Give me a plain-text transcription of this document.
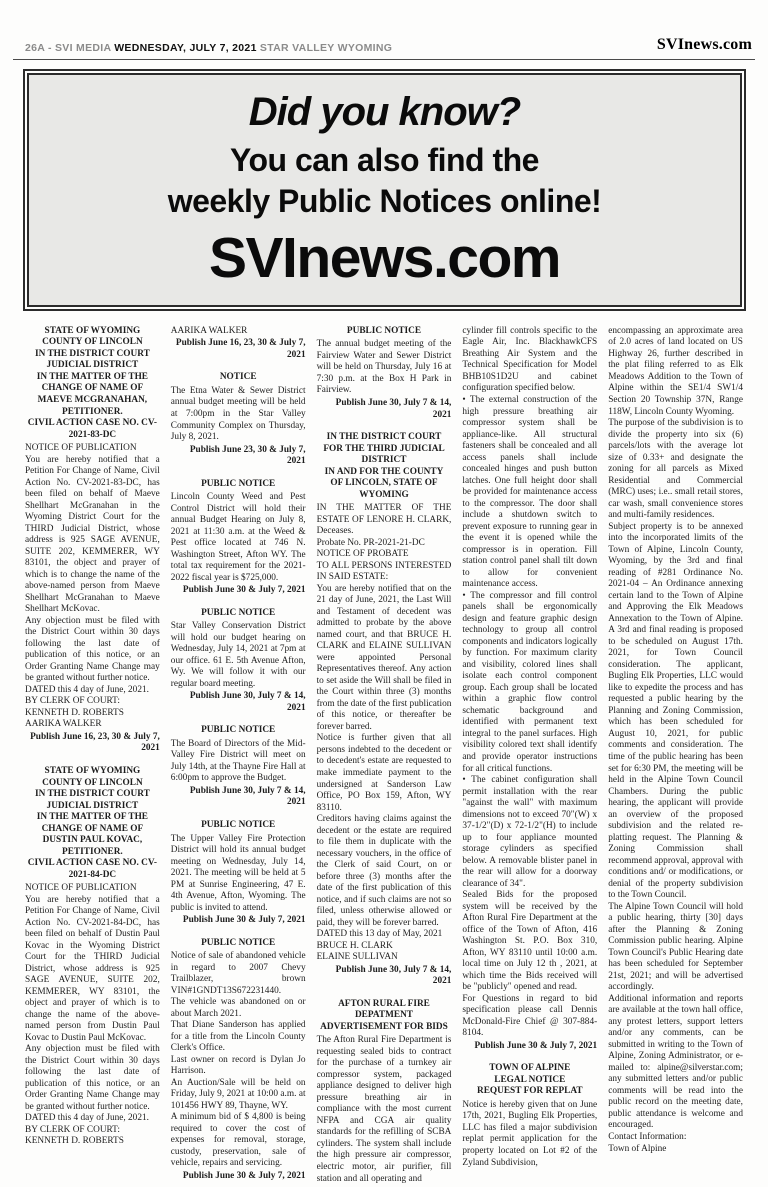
26A - SVI MEDIA WEDNESDAY, JULY 7, 2021 STAR VALLEY WYOMING	SVInews.com
Did you know?
You can also find the
weekly Public Notices online!
SVInews.com
STATE OF WYOMING
COUNTY OF LINCOLN
IN THE DISTRICT COURT
JUDICIAL DISTRICT
IN THE MATTER OF THE
CHANGE OF NAME OF
MAEVE MCGRANAHAN,
PETITIONER.
CIVIL ACTION CASE NO. CV-2021-83-DC

NOTICE OF PUBLICATION

You are hereby notified that a Petition For Change of Name, Civil Action No. CV-2021-83-DC, has been filed on behalf of Maeve Shellhart McGranahan in the Wyoming District Court for the THIRD Judicial District, whose address is 925 SAGE AVENUE, SUITE 202, KEMMERER, WY 83101, the object and prayer of which is to change the name of the above-named person from Maeve Shellhart McGranahan to Maeve Shellhart McKovac.

Any objection must be filed with the District Court within 30 days following the last date of publication of this notice, or an Order Granting Name Change may be granted without further notice.

DATED this 4 day of June, 2021.

BY CLERK OF COURT:

KENNETH D. ROBERTS

AARIKA WALKER

Publish June 16, 23, 30 & July 7, 2021

STATE OF WYOMING
COUNTY OF LINCOLN
IN THE DISTRICT COURT
JUDICIAL DISTRICT
IN THE MATTER OF THE
CHANGE OF NAME OF
DUSTIN PAUL KOVAC,
PETITIONER.
CIVIL ACTION CASE NO. CV-2021-84-DC

NOTICE OF PUBLICATION

You are hereby notified that a Petition For Change of Name, Civil Action No. CV-2021-84-DC, has been filed on behalf of Dustin Paul Kovac in the Wyoming District Court for the THIRD Judicial District, whose address is 925 SAGE AVENUE, SUITE 202, KEMMERER, WY 83101, the object and prayer of which is to change the name of the above-named person from Dustin Paul Kovac to Dustin Paul McKovac.

Any objection must be filed with the District Court within 30 days following the last date of publication of this notice, or an Order Granting Name Change may be granted without further notice.

DATED this 4 day of June, 2021.

BY CLERK OF COURT:

KENNETH D. ROBERTS

AARIKA WALKER

Publish June 16, 23, 30 & July 7, 2021

NOTICE

The Etna Water & Sewer District annual budget meeting will be held at 7:00pm in the Star Valley Community Complex on Thursday, July 8, 2021.

Publish June 23, 30 & July 7, 2021

PUBLIC NOTICE

Lincoln County Weed and Pest Control District will hold their annual Budget Hearing on July 8, 2021 at 11:30 a.m. at the Weed & Pest office located at 746 N. Washington Street, Afton WY. The total tax requirement for the 2021-2022 fiscal year is $725,000.

Publish June 30 & July 7, 2021

PUBLIC NOTICE

Star Valley Conservation District will hold our budget hearing on Wednesday, July 14, 2021 at 7pm at our office. 61 E. 5th Avenue Afton, Wy. We will follow it with our regular board meeting.

Publish June 30, July 7 & 14, 2021

PUBLIC NOTICE

The Board of Directors of the Mid-Valley Fire District will meet on July 14th, at the Thayne Fire Hall at 6:00pm to approve the Budget.

Publish June 30, July 7 & 14, 2021

PUBLIC NOTICE

The Upper Valley Fire Protection District will hold its annual budget meeting on Wednesday, July 14, 2021. The meeting will be held at 5 PM at Sunrise Engineering, 47 E. 4th Avenue, Afton, Wyoming. The public is invited to attend.

Publish June 30 & July 7, 2021

PUBLIC NOTICE

Notice of sale of abandoned vehicle in regard to 2007 Chevy Trailblazer, brown VIN#1GNDT13S672231440.

The vehicle was abandoned on or about March 2021.

That Diane Sanderson has applied for a title from the Lincoln County Clerk's Office.

Last owner on record is Dylan Jo Harrison.

An Auction/Sale will be held on Friday, July 9, 2021 at 10:00 a.m. at 101456 HWY 89, Thayne, WY.

A minimum bid of $ 4,800 is being required to cover the cost of expenses for removal, storage, custody, preservation, sale of vehicle, repairs and servicing.

Publish June 30 & July 7, 2021

PUBLIC NOTICE

The annual budget meeting of the Fairview Water and Sewer District will be held on Thursday, July 16 at 7:30 p.m. at the Box H Park in Fairview.

Publish June 30, July 7 & 14, 2021

IN THE DISTRICT COURT
FOR THE THIRD JUDICIAL
DISTRICT
IN AND FOR THE COUNTY
OF LINCOLN, STATE OF
WYOMING

IN THE MATTER OF THE ESTATE OF LENORE H. CLARK, Deceases.

Probate No. PR-2021-21-DC

NOTICE OF PROBATE

TO ALL PERSONS INTERESTED IN SAID ESTATE:

You are hereby notified that on the 21 day of June, 2021, the Last Will and Testament of decedent was admitted to probate by the above named court, and that BRUCE H. CLARK and ELAINE SULLIVAN were appointed Personal Representatives thereof. Any action to set aside the Will shall be filed in the Court within three (3) months from the date of the first publication of this notice, or thereafter be forever barred.

Notice is further given that all persons indebted to the decedent or to decedent's estate are requested to make immediate payment to the undersigned at Sanderson Law Office, PO Box 159, Afton, WY 83110.

Creditors having claims against the decedent or the estate are required to file them in duplicate with the necessary vouchers, in the office of the Clerk of said Court, on or before three (3) months after the date of the first publication of this notice, and if such claims are not so filed, unless otherwise allowed or paid, they will be forever barred.

DATED this 13 day of May, 2021

BRUCE H. CLARK

ELAINE SULLIVAN

Publish June 30, July 7 & 14, 2021

AFTON RURAL FIRE
DEPATMENT
ADVERTISEMENT FOR BIDS

The Afton Rural Fire Department is requesting sealed bids to contract for the purchase of a turnkey air compressor system, packaged appliance designed to deliver high pressure breathing air in compliance with the most current NFPA and CGA air quality standards for the refilling of SCBA cylinders. The system shall include the high pressure air compressor, electric motor, air purifier, fill station and all operating and

cylinder fill controls specific to the Eagle Air, Inc. BlackhawkCFS Breathing Air System and the Technical Specification for Model BHB10S1D2U and cabinet configuration specified below.

• The external construction of the high pressure breathing air compressor system shall be appliance-like. All structural fasteners shall be concealed and all access panels shall include concealed hinges and push button latches. One full height door shall be provided for maintenance access to the compressor. The door shall include a shutdown switch to prevent exposure to running gear in the event it is opened while the compressor is in operation. Fill station control panel shall tilt down to allow for convenient maintenance access.

• The compressor and fill control panels shall be ergonomically design and feature graphic design technology to group all control components and indicators logically by function. For maximum clarity and visibility, colored lines shall isolate each control component group. Each group shall be located within a graphic flow control schematic background and identified with permanent text integral to the panel surfaces. High visibility colored text shall identify and provide operator instructions for all critical functions.

• The cabinet configuration shall permit installation with the rear "against the wall" with maximum dimensions not to exceed 70"(W) x 37-1/2"(D) x 72-1/2"(H) to include up to four appliance mounted storage cylinders as specified below. A removable blister panel in the rear will allow for a doorway clearance of 34".

Sealed Bids for the proposed system will be received by the Afton Rural Fire Department at the office of the Town of Afton, 416 Washington St. P.O. Box 310, Afton, WY 83110 until 10:00 a.m. local time on July 12 th , 2021, at which time the Bids received will be "publicly" opened and read.

For Questions in regard to bid specification please call Dennis McDonald-Fire Chief @ 307-884-8104.

Publish June 30 & July 7, 2021

TOWN OF ALPINE
LEGAL NOTICE
REQUEST FOR REPLAT

Notice is hereby given that on June 17th, 2021, Bugling Elk Properties, LLC has filed a major subdivision replat permit application for the property located on Lot #2 of the Zyland Subdivision,

encompassing an approximate area of 2.0 acres of land located on US Highway 26, further described in the plat filing referred to as Elk Meadows Addition to the Town of Alpine within the SE1/4 SW1/4 Section 20 Township 37N, Range 118W, Lincoln County Wyoming.

The purpose of the subdivision is to divide the property into six (6) parcels/lots with the average lot size of 0.33+ and designate the zoning for all parcels as Mixed Residential and Commercial (MRC) uses; i.e.. small retail stores, car wash, small convenience stores and multi-family residences.

Subject property is to be annexed into the incorporated limits of the Town of Alpine, Lincoln County, Wyoming, by the 3rd and final reading of #281 Ordinance No. 2021-04 – An Ordinance annexing certain land to the Town of Alpine and Approving the Elk Meadows Annexation to the Town of Alpine. A 3rd and final reading is proposed to be scheduled on August 17th. 2021, for Town Council consideration. The applicant, Bugling Elk Properties, LLC would like to expedite the process and has requested a public hearing by the Planning and Zoning Commission, which has been scheduled for August 10, 2021, for public comments and consideration. The time of the public hearing has been set for 6:30 PM, the meeting will be held in the Alpine Town Council Chambers. During the public hearing, the applicant will provide an overview of the proposed subdivision and the related re-platting request. The Planning & Zoning Commission shall recommend approval, approval with conditions and/ or modifications, or denial of the property subdivision to the Town Council.

The Alpine Town Council will hold a public hearing, thirty [30] days after the Planning & Zoning Commission public hearing. Alpine Town Council's Public Hearing date has been scheduled for September 21st, 2021; and will be advertised accordingly.

Additional information and reports are available at the town hall office, any protest letters, support letters and/or any comments, can be submitted in writing to the Town of Alpine, Zoning Administrator, or e-mailed to: alpine@silverstar.com; any submitted letters and/or public comments will be read into the public record on the meeting date, public attendance is welcome and encouraged.

Contact Information:

Town of Alpine
